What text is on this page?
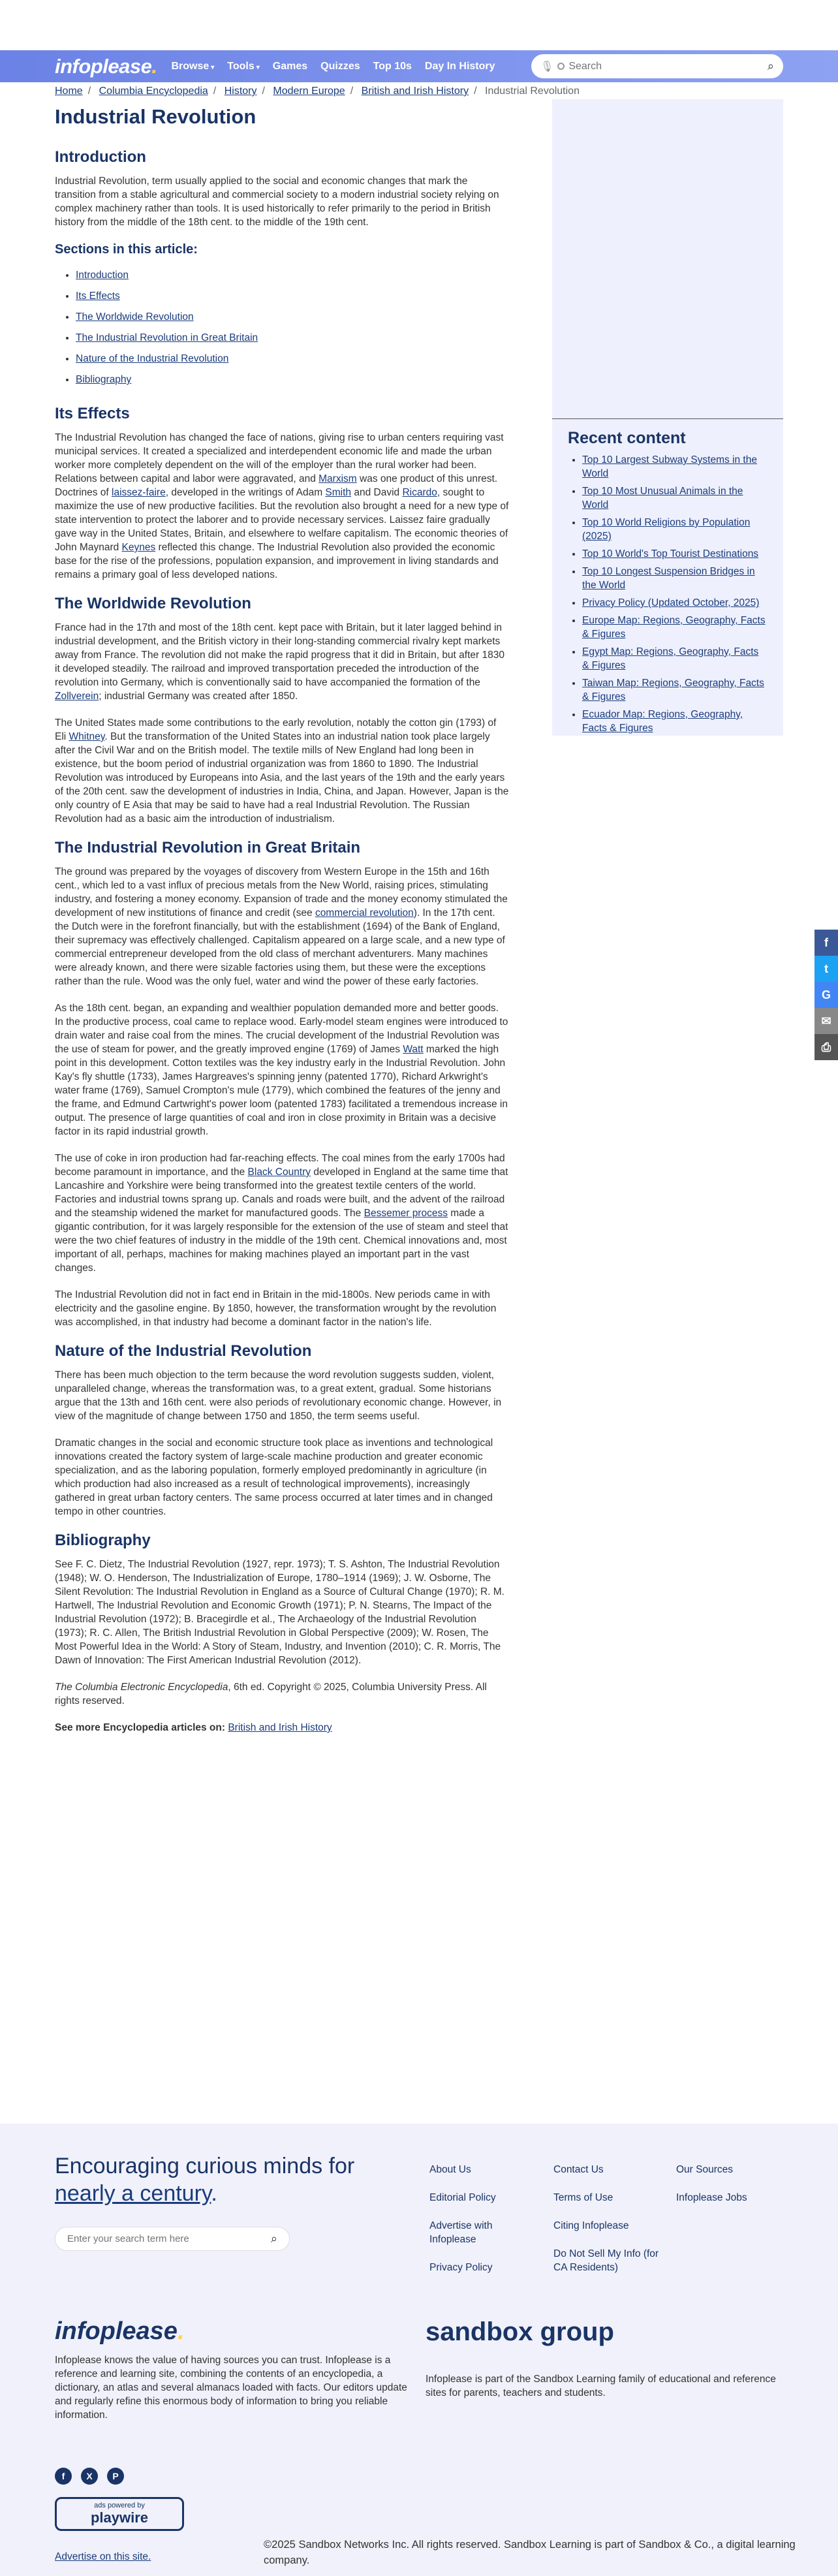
infoplease. Browse ▾ Tools ▾ Games Quizzes Top 10s Day In History	🎙
Search	⌕
Home / Columbia Encyclopedia / History / Modern Europe / British and Irish History / Industrial Revolution
Industrial Revolution
Introduction

Industrial Revolution, term usually applied to the social and economic changes that mark the transition from a stable agricultural and commercial society to a modern industrial society relying on complex machinery rather than tools. It is used historically to refer primarily to the period in British history from the middle of the 18th cent. to the middle of the 19th cent.

Sections in this article:
• Introduction
• Its Effects
• The Worldwide Revolution
• The Industrial Revolution in Great Britain
• Nature of the Industrial Revolution
• Bibliography
Its Effects

The Industrial Revolution has changed the face of nations, giving rise to urban centers requiring vast municipal services. It created a specialized and interdependent economic life and made the urban worker more completely dependent on the will of the employer than the rural worker had been. Relations between capital and labor were aggravated, and Marxism was one product of this unrest. Doctrines of laissez-faire, developed in the writings of Adam Smith and David Ricardo, sought to maximize the use of new productive facilities. But the revolution also brought a need for a new type of state intervention to protect the laborer and to provide necessary services. Laissez faire gradually gave way in the United States, Britain, and elsewhere to welfare capitalism. The economic theories of John Maynard Keynes reflected this change. The Industrial Revolution also provided the economic base for the rise of the professions, population expansion, and improvement in living standards and remains a primary goal of less developed nations.

The Worldwide Revolution

France had in the 17th and most of the 18th cent. kept pace with Britain, but it later lagged behind in industrial development, and the British victory in their long-standing commercial rivalry kept markets away from France. The revolution did not make the rapid progress that it did in Britain, but after 1830 it developed steadily. The railroad and improved transportation preceded the introduction of the revolution into Germany, which is conventionally said to have accompanied the formation of the Zollverein; industrial Germany was created after 1850.

The United States made some contributions to the early revolution, notably the cotton gin (1793) of Eli Whitney. But the transformation of the United States into an industrial nation took place largely after the Civil War and on the British model. The textile mills of New England had long been in existence, but the boom period of industrial organization was from 1860 to 1890. The Industrial Revolution was introduced by Europeans into Asia, and the last years of the 19th and the early years of the 20th cent. saw the development of industries in India, China, and Japan. However, Japan is the only country of E Asia that may be said to have had a real Industrial Revolution. The Russian Revolution had as a basic aim the introduction of industrialism.

The Industrial Revolution in Great Britain

The ground was prepared by the voyages of discovery from Western Europe in the 15th and 16th cent., which led to a vast influx of precious metals from the New World, raising prices, stimulating industry, and fostering a money economy. Expansion of trade and the money economy stimulated the development of new institutions of finance and credit (see commercial revolution). In the 17th cent. the Dutch were in the forefront financially, but with the establishment (1694) of the Bank of England, their supremacy was effectively challenged. Capitalism appeared on a large scale, and a new type of commercial entrepreneur developed from the old class of merchant adventurers. Many machines were already known, and there were sizable factories using them, but these were the exceptions rather than the rule. Wood was the only fuel, water and wind the power of these early factories.

As the 18th cent. began, an expanding and wealthier population demanded more and better goods. In the productive process, coal came to replace wood. Early-model steam engines were introduced to drain water and raise coal from the mines. The crucial development of the Industrial Revolution was the use of steam for power, and the greatly improved engine (1769) of James Watt marked the high point in this development. Cotton textiles was the key industry early in the Industrial Revolution. John Kay's fly shuttle (1733), James Hargreaves's spinning jenny (patented 1770), Richard Arkwright's water frame (1769), Samuel Crompton's mule (1779), which combined the features of the jenny and the frame, and Edmund Cartwright's power loom (patented 1783) facilitated a tremendous increase in output. The presence of large quantities of coal and iron in close proximity in Britain was a decisive factor in its rapid industrial growth.

The use of coke in iron production had far-reaching effects. The coal mines from the early 1700s had become paramount in importance, and the Black Country developed in England at the same time that Lancashire and Yorkshire were being transformed into the greatest textile centers of the world. Factories and industrial towns sprang up. Canals and roads were built, and the advent of the railroad and the steamship widened the market for manufactured goods. The Bessemer process made a gigantic contribution, for it was largely responsible for the extension of the use of steam and steel that were the two chief features of industry in the middle of the 19th cent. Chemical innovations and, most important of all, perhaps, machines for making machines played an important part in the vast changes.

The Industrial Revolution did not in fact end in Britain in the mid-1800s. New periods came in with electricity and the gasoline engine. By 1850, however, the transformation wrought by the revolution was accomplished, in that industry had become a dominant factor in the nation's life.

Nature of the Industrial Revolution

There has been much objection to the term because the word revolution suggests sudden, violent, unparalleled change, whereas the transformation was, to a great extent, gradual. Some historians argue that the 13th and 16th cent. were also periods of revolutionary economic change. However, in view of the magnitude of change between 1750 and 1850, the term seems useful.

Dramatic changes in the social and economic structure took place as inventions and technological innovations created the factory system of large-scale machine production and greater economic specialization, and as the laboring population, formerly employed predominantly in agriculture (in which production had also increased as a result of technological improvements), increasingly gathered in great urban factory centers. The same process occurred at later times and in changed tempo in other countries.

Bibliography

See F. C. Dietz, The Industrial Revolution (1927, repr. 1973); T. S. Ashton, The Industrial Revolution (1948); W. O. Henderson, The Industrialization of Europe, 1780–1914 (1969); J. W. Osborne, The Silent Revolution: The Industrial Revolution in England as a Source of Cultural Change (1970); R. M. Hartwell, The Industrial Revolution and Economic Growth (1971); P. N. Stearns, The Impact of the Industrial Revolution (1972); B. Bracegirdle et al., The Archaeology of the Industrial Revolution (1973); R. C. Allen, The British Industrial Revolution in Global Perspective (2009); W. Rosen, The Most Powerful Idea in the World: A Story of Steam, Industry, and Invention (2010); C. R. Morris, The Dawn of Innovation: The First American Industrial Revolution (2012).

The Columbia Electronic Encyclopedia, 6th ed. Copyright © 2025, Columbia University Press. All rights reserved.

See more Encyclopedia articles on: British and Irish History

Recent content
• Top 10 Largest Subway Systems in the World
• Top 10 Most Unusual Animals in the World
• Top 10 World Religions by Population (2025)
• Top 10 World's Top Tourist Destinations
• Top 10 Longest Suspension Bridges in the World
• Privacy Policy (Updated October, 2025)
• Europe Map: Regions, Geography, Facts & Figures
• Egypt Map: Regions, Geography, Facts & Figures
• Taiwan Map: Regions, Geography, Facts & Figures
• Ecuador Map: Regions, Geography, Facts & Figures
f
t
G
✉
⎙
Encouraging curious minds for
nearly a century.
Enter your search term here
⌕
About Us
Editorial Policy
Advertise with Infoplease
Privacy Policy
Contact Us
Terms of Use
Citing Infoplease
Do Not Sell My Info (for CA Residents)
Our Sources
Infoplease Jobs
infoplease.
Infoplease knows the value of having sources you can trust. Infoplease is a reference and learning site, combining the contents of an encyclopedia, a dictionary, an atlas and several almanacs loaded with facts. Our editors update and regularly refine this enormous body of information to bring you reliable information.
sandbox group
Infoplease is part of the Sandbox Learning family of educational and reference sites for parents, teachers and students.
f	X	P
ads powered by
playwire
Advertise on this site.
©2025 Sandbox Networks Inc. All rights reserved. Sandbox Learning is part of Sandbox & Co., a digital learning company.
